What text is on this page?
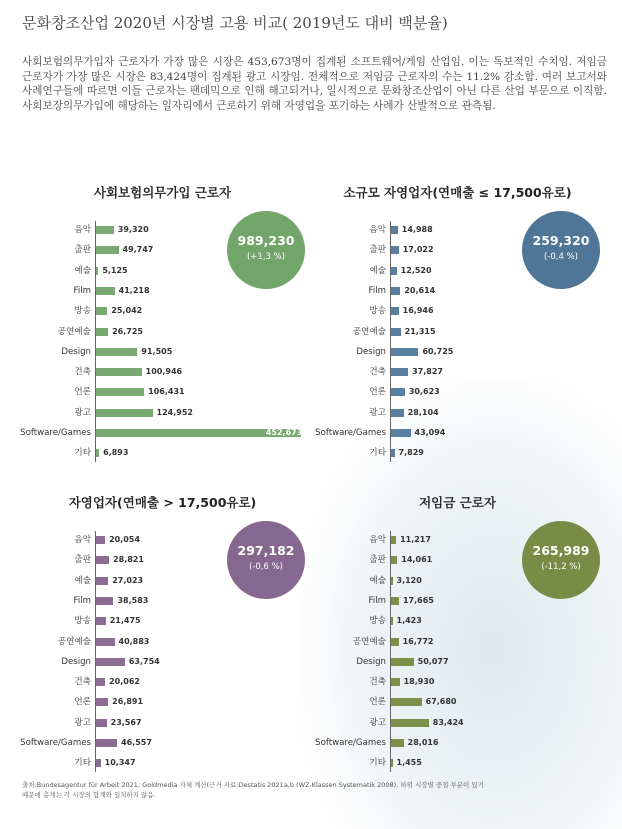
문화창조산업 2020년 시장별 고용 비교( 2019년도 대비 백분율)

사회보험의무가입자 근로자가 가장 많은 시장은 453,673명이 집계된 소프트웨어/게임 산업임. 이는 독보적인 수치임. 저임금 근로자가 가장 많은 시장은 83,424명이 집계된 광고 시장임. 전체적으로 저임금 근로자의 수는 11.2% 감소함. 여러 보고서와 사례연구들에 따르면 이들 근로자는 팬데믹으로 인해 해고되거나, 일시적으로 문화창조산업이 아닌 다른 산업 부문으로 이직함. 사회보장의무가입에 해당하는 일자리에서 근로하기 위해 자영업을 포기하는 사례가 산발적으로 관측됨.

사회보험의무가입 근로자
음악	39,320
출판	49,747
예술 5,125
Film	41,218
방송	25,042
공연예술	26,725
Design	91,505
건축	100,946
언론	106,431
광고	124,952
Software/Games	452,673
기타 6,893
989,230
(+1,3 %)
소규모 자영업자(연매출 ≤ 17,500유로)
음악 14,988
출판 17,022
예술 12,520
Film 20,614
방송 16,946
공연예술 21,315
Design	60,725
건축	37,827
언론	30,623
광고	28,104
Software/Games	43,094
기타 7,829
259,320
(-0,4 %)
자영업자(연매출 > 17,500유로)
음악 20,054
출판	28,821
예술	27,023
Film	38,583
방송 21,475
공연예술	40,883
Design	63,754
건축 20,062
언론	26,891
광고 23,567
Software/Games	46,557
기타 10,347
297,182
(-0,6 %)
저임금 근로자
음악 11,217
출판 14,061
예술 3,120
Film 17,665
방송 1,423
공연예술 16,772
Design	50,077
건축 18,930
언론	67,680
광고	83,424
Software/Games	28,016
기타 1,455
265,989
(-11,2 %)

출처:Bundesagentur für Arbeit 2021; Goldmedia 자체 계산(근거 자료:Destatis 2021a,b (WZ-Klassen Systematik 2008). 하위 시장별 중첩 부분이 있기 때문에 총계는 각 시장의 합계와 일치하지 않음.
